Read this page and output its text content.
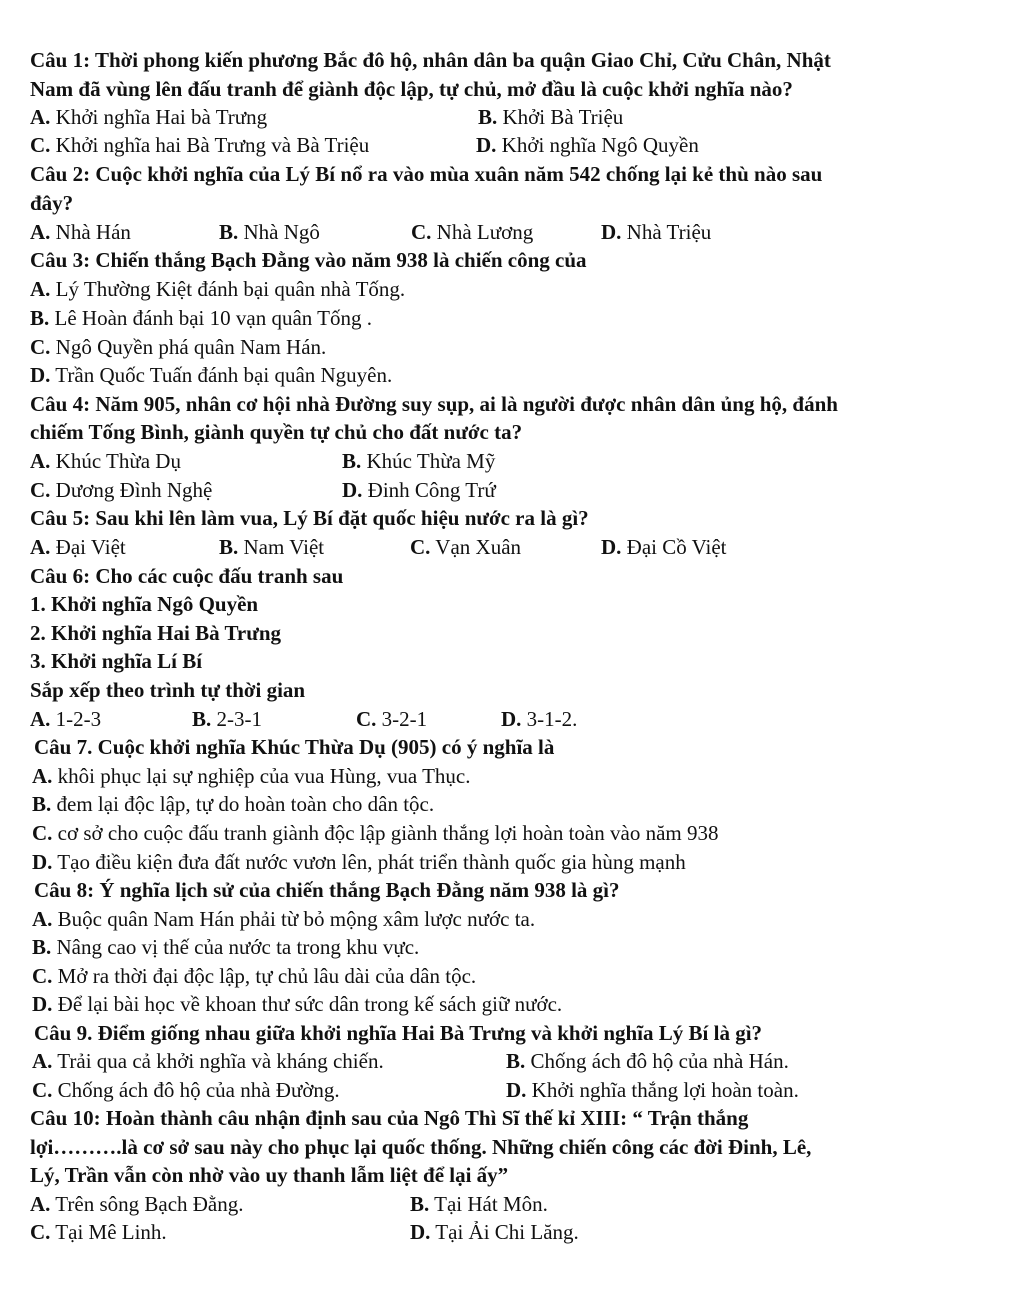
Câu 1: Thời phong kiến phương Bắc đô hộ, nhân dân ba quận Giao Chỉ, Cửu Chân, Nhật
Nam đã vùng lên đấu tranh để giành độc lập, tự chủ, mở đầu là cuộc khởi nghĩa nào?
A. Khởi nghĩa Hai bà Trưng	B. Khởi Bà Triệu
C. Khởi nghĩa hai Bà Trưng và Bà Triệu	D. Khởi nghĩa Ngô Quyền
Câu 2: Cuộc khởi nghĩa của Lý Bí nổ ra vào mùa xuân năm 542 chống lại kẻ thù nào sau
đây?
A. Nhà Hán	B. Nhà Ngô	C. Nhà Lương	D. Nhà Triệu
Câu 3: Chiến thắng Bạch Đằng vào năm 938 là chiến công của
A. Lý Thường Kiệt đánh bại quân nhà Tống.
B. Lê Hoàn đánh bại 10 vạn quân Tống .
C. Ngô Quyền phá quân Nam Hán.
D. Trần Quốc Tuấn đánh bại quân Nguyên.
Câu 4: Năm 905, nhân cơ hội nhà Đường suy sụp, ai là người được nhân dân ủng hộ, đánh
chiếm Tống Bình, giành quyền tự chủ cho đất nước ta?
A. Khúc Thừa Dụ	B. Khúc Thừa Mỹ
C. Dương Đình Nghệ	D. Đinh Công Trứ
Câu 5: Sau khi lên làm vua, Lý Bí đặt quốc hiệu nước ra là gì?
A. Đại Việt	B. Nam Việt	C. Vạn Xuân	D. Đại Cồ Việt
Câu 6: Cho các cuộc đấu tranh sau
1. Khởi nghĩa Ngô Quyền
2. Khởi nghĩa Hai Bà Trưng
3. Khởi nghĩa Lí Bí
Sắp xếp theo trình tự thời gian
A. 1-2-3	B. 2-3-1	C. 3-2-1	D. 3-1-2.
Câu 7. Cuộc khởi nghĩa Khúc Thừa Dụ (905) có ý nghĩa là
A. khôi phục lại sự nghiệp của vua Hùng, vua Thục.
B. đem lại độc lập, tự do hoàn toàn cho dân tộc.
C. cơ sở cho cuộc đấu tranh giành độc lập giành thắng lợi hoàn toàn vào năm 938
D. Tạo điều kiện đưa đất nước vươn lên, phát triển thành quốc gia hùng mạnh
Câu 8: Ý nghĩa lịch sử của chiến thắng Bạch Đằng năm 938 là gì?
A. Buộc quân Nam Hán phải từ bỏ mộng xâm lược nước ta.
B. Nâng cao vị thế của nước ta trong khu vực.
C. Mở ra thời đại độc lập, tự chủ lâu dài của dân tộc.
D. Để lại bài học về khoan thư sức dân trong kế sách giữ nước.
Câu 9. Điểm giống nhau giữa khởi nghĩa Hai Bà Trưng và khởi nghĩa Lý Bí là gì?
A. Trải qua cả khởi nghĩa và kháng chiến.	B. Chống ách đô hộ của nhà Hán.
C. Chống ách đô hộ của nhà Đường.	D. Khởi nghĩa thắng lợi hoàn toàn.
Câu 10: Hoàn thành câu nhận định sau của Ngô Thì Sĩ thế kỉ XIII: “ Trận thắng
lợi……….là cơ sở sau này cho phục lại quốc thống. Những chiến công các đời Đinh, Lê,
Lý, Trần vẫn còn nhờ vào uy thanh lẫm liệt để lại ấy”
A. Trên sông Bạch Đằng.	B. Tại Hát Môn.
C. Tại Mê Linh.	D. Tại Ải Chi Lăng.
